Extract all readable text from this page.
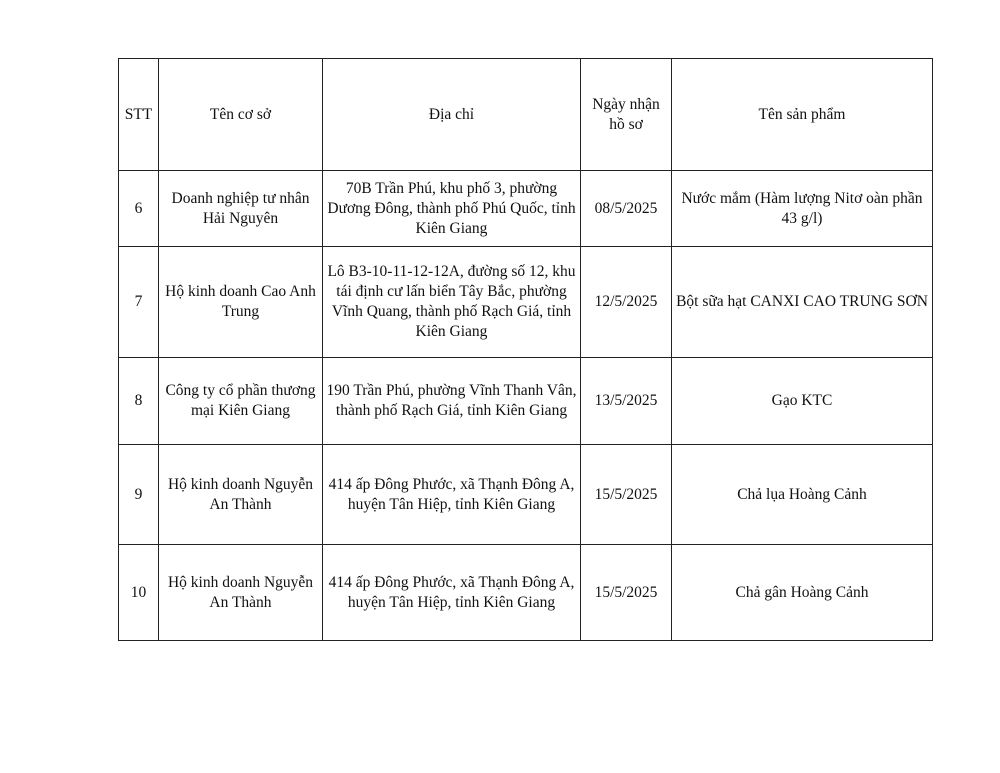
STT	Tên cơ sở	Địa chỉ	Ngày nhận hồ sơ	Tên sản phẩm
6	Doanh nghiệp tư nhân Hải Nguyên	70B Trần Phú, khu phố 3, phường Dương Đông, thành phố Phú Quốc, tỉnh Kiên Giang	08/5/2025	Nước mắm (Hàm lượng Nitơ oàn phần 43 g/l)
7	Hộ kinh doanh Cao Anh Trung	Lô B3-10-11-12-12A, đường số 12, khu tái định cư lấn biển Tây Bắc, phường Vĩnh Quang, thành phố Rạch Giá, tỉnh Kiên Giang	12/5/2025	Bột sữa hạt CANXI CAO TRUNG SƠN
8	Công ty cổ phần thương mại Kiên Giang	190 Trần Phú, phường Vĩnh Thanh Vân, thành phố Rạch Giá, tỉnh Kiên Giang	13/5/2025	Gạo KTC
9	Hộ kinh doanh Nguyễn An Thành	414 ấp Đông Phước, xã Thạnh Đông A, huyện Tân Hiệp, tỉnh Kiên Giang	15/5/2025	Chả lụa Hoàng Cảnh
10	Hộ kinh doanh Nguyễn An Thành	414 ấp Đông Phước, xã Thạnh Đông A, huyện Tân Hiệp, tỉnh Kiên Giang	15/5/2025	Chả gân Hoàng Cảnh
